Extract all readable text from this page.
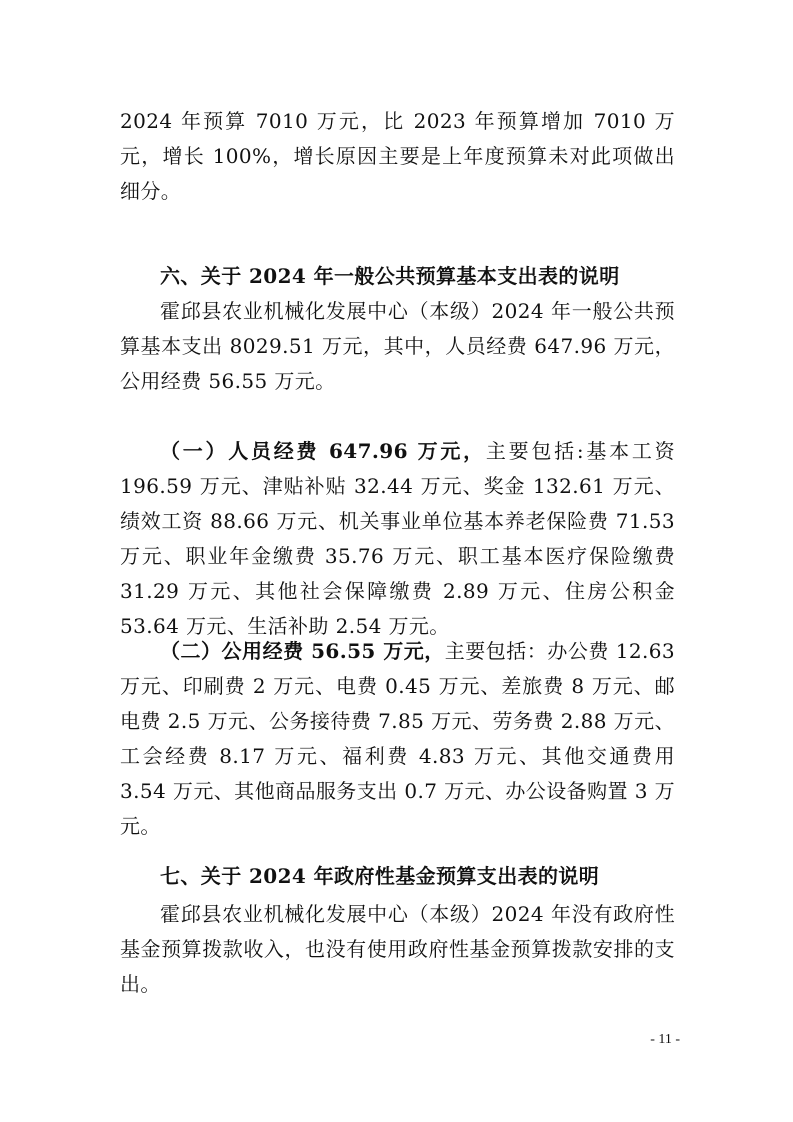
2024 年预算 7010 万元，比 2023 年预算增加 7010 万元，增长 100%，增长原因主要是上年度预算未对此项做出细分。

六、关于 2024 年一般公共预算基本支出表的说明

霍邱县农业机械化发展中心（本级）2024 年一般公共预算基本支出 8029.51 万元，其中，人员经费 647.96 万元，公用经费 56.55 万元。

（一）人员经费 647.96 万元，主要包括:基本工资 196.59 万元、津贴补贴 32.44 万元、奖金 132.61 万元、绩效工资 88.66 万元、机关事业单位基本养老保险费 71.53 万元、职业年金缴费 35.76 万元、职工基本医疗保险缴费 31.29 万元、其他社会保障缴费 2.89 万元、住房公积金 53.64 万元、生活补助 2.54 万元。

（二）公用经费 56.55 万元，主要包括：办公费 12.63 万元、印刷费 2 万元、电费 0.45 万元、差旅费 8 万元、邮电费 2.5 万元、公务接待费 7.85 万元、劳务费 2.88 万元、工会经费 8.17 万元、福利费 4.83 万元、其他交通费用 3.54 万元、其他商品服务支出 0.7 万元、办公设备购置 3 万元。

七、关于 2024 年政府性基金预算支出表的说明

霍邱县农业机械化发展中心（本级）2024 年没有政府性基金预算拨款收入，也没有使用政府性基金预算拨款安排的支出。

- 11 -
